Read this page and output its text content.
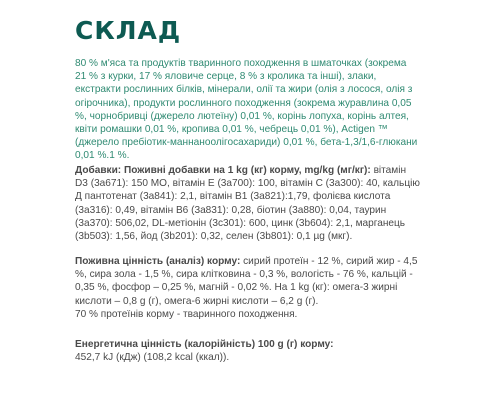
СКЛАД

80 % м'яса та продуктів тваринного походження в шматочках (зокрема 21 % з курки, 17 % яловиче серце, 8 % з кролика та інші), злаки, екстракти рослинних білків, мінерали, олії та жири (олія з лосося, олія з огірочника), продукти рослинного походження (зокрема журавлина 0,05 %, чорнобривці (джерело лютеїну) 0,01 %, корінь лопуха, корінь алтея, квіти ромашки 0,01 %, кропива 0,01 %, чебрець 0,01 %), Actigen ™ (джерело пребіотик-маннаноолігосахариди) 0,01 %, бета-1,3/1,6-глюкани 0,01 %.1 %.

Добавки: Поживні добавки на 1 kg (кг) корму, mg/kg (мг/кг): вітамін D3 (3a671): 150 MO, вітамін E (3a700): 100, вітамін C (3a300): 40, кальцію Д пантотенат (3a841): 2,1, вітамін B1 (3a821):1,79, фолієва кислота (3a316): 0,49, вітамін B6 (3a831): 0,28, біотин (3a880): 0,04, таурин (3a370): 506,02, DL-метіонін (3c301): 600, цинк (3b604): 2,1, марганець (3b503): 1,56, йод (3b201): 0,32, селен (3b801): 0,1 µg (мкг).

Поживна цінність (аналіз) корму: сирий протеїн - 12 %, сирий жир - 4,5 %, сира зола - 1,5 %, сира клітковина - 0,3 %, вологість - 76 %, кальцій - 0,35 %, фосфор – 0,25 %, магній - 0,02 %. На 1 kg (кг): омега-3 жирні кислоти – 0,8 g (г), омега-6 жирні кислоти – 6,2 g (г).
70 % протеїнів корму - тваринного походження.

Енергетична цінність (калорійність) 100 g (г) корму:
452,7 kJ (кДж) (108,2 kcal (ккал)).
